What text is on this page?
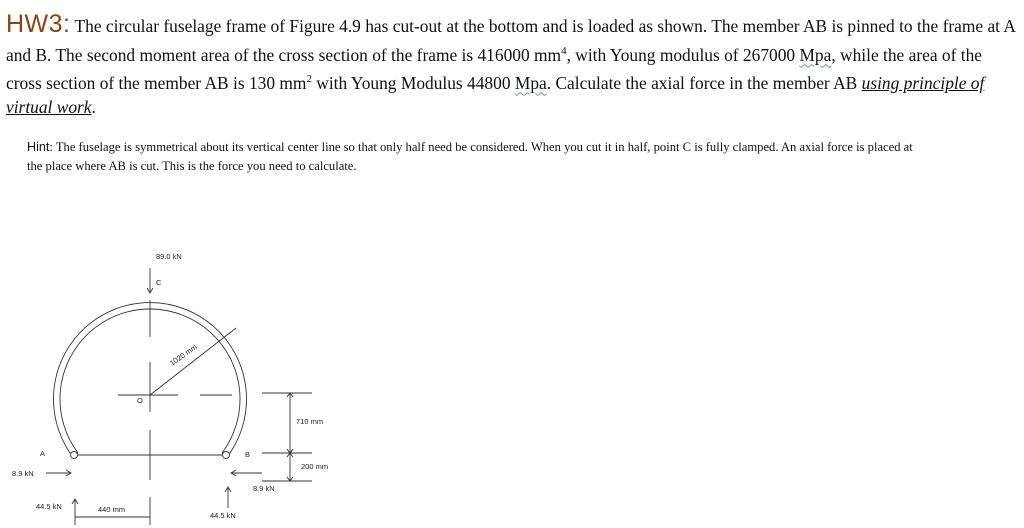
HW3: The circular fuselage frame of Figure 4.9 has cut-out at the bottom and is loaded as shown. The member AB is pinned to the frame at A and B. The second moment area of the cross section of the frame is 416000 $mm^4$, with Young modulus of 267000 Mpa, while the area of the cross section of the member AB is 130 $mm^2$ with Young Modulus 44800 Mpa. Calculate the axial force in the member AB using principle of virtual work.
Hint: The fuselage is symmetrical about its vertical center line so that only half need be considered. When you cut it in half, point C is fully clamped. An axial force is placed at the place where AB is cut. This is the force you need to calculate.
89.0 kN
C
O
A	B
1020 mm
710 mm
200 mm
8.9 kN
8.9 kN
44.5 kN
44.5 kN
440 mm
